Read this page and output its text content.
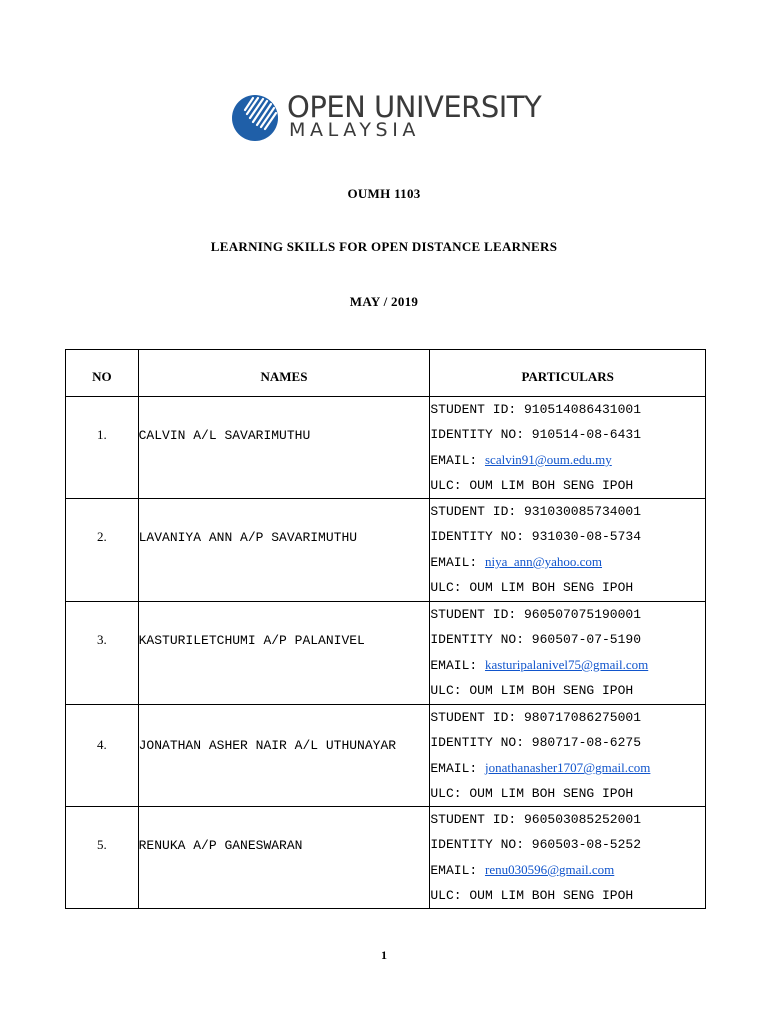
OPEN UNIVERSITY
MALAYSIA
OUMH 1103
LEARNING SKILLS FOR OPEN DISTANCE LEARNERS
MAY / 2019
NO	NAMES	PARTICULARS
1.	CALVIN A/L SAVARIMUTHU	STUDENT ID: 910514086431001
IDENTITY NO: 910514-08-6431
EMAIL: scalvin91@oum.edu.my
ULC: OUM LIM BOH SENG IPOH

2.	LAVANIYA ANN A/P SAVARIMUTHU	STUDENT ID: 931030085734001
IDENTITY NO: 931030-08-5734
EMAIL: niya_ann@yahoo.com
ULC: OUM LIM BOH SENG IPOH

3.	KASTURILETCHUMI A/P PALANIVEL	STUDENT ID: 960507075190001
IDENTITY NO: 960507-07-5190
EMAIL: kasturipalanivel75@gmail.com
ULC: OUM LIM BOH SENG IPOH

4.	JONATHAN ASHER NAIR A/L UTHUNAYAR	STUDENT ID: 980717086275001
IDENTITY NO: 980717-08-6275
EMAIL: jonathanasher1707@gmail.com
ULC: OUM LIM BOH SENG IPOH

5.	RENUKA A/P GANESWARAN	STUDENT ID: 960503085252001
IDENTITY NO: 960503-08-5252
EMAIL: renu030596@gmail.com
ULC: OUM LIM BOH SENG IPOH
1
